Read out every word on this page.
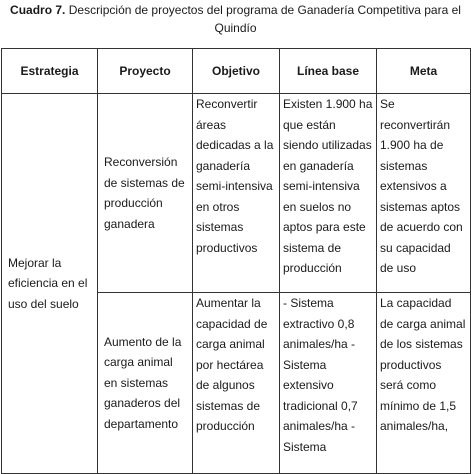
Cuadro 7. Descripción de proyectos del programa de Ganadería Competitiva para el Quindío
Estrategia	Proyecto	Objetivo	Línea base	Meta
Mejorar la eficiencia en el uso del suelo	Reconversión de sistemas de producción ganadera	Reconvertir áreas dedicadas a la ganadería semi-intensiva en otros sistemas productivos	Existen 1.900 ha que están siendo utilizadas en ganadería semi-intensiva en suelos no aptos para este sistema de producción	Se reconvertirán 1.900 ha de sistemas extensivos a sistemas aptos de acuerdo con su capacidad de uso

	Aumento de la carga animal en sistemas ganaderos del departamento	Aumentar la capacidad de carga animal por hectárea de algunos sistemas de producción	- Sistema extractivo 0,8 animales/ha - Sistema extensivo tradicional 0,7 animales/ha - Sistema	La capacidad de carga animal de los sistemas productivos será como mínimo de 1,5 animales/ha,
